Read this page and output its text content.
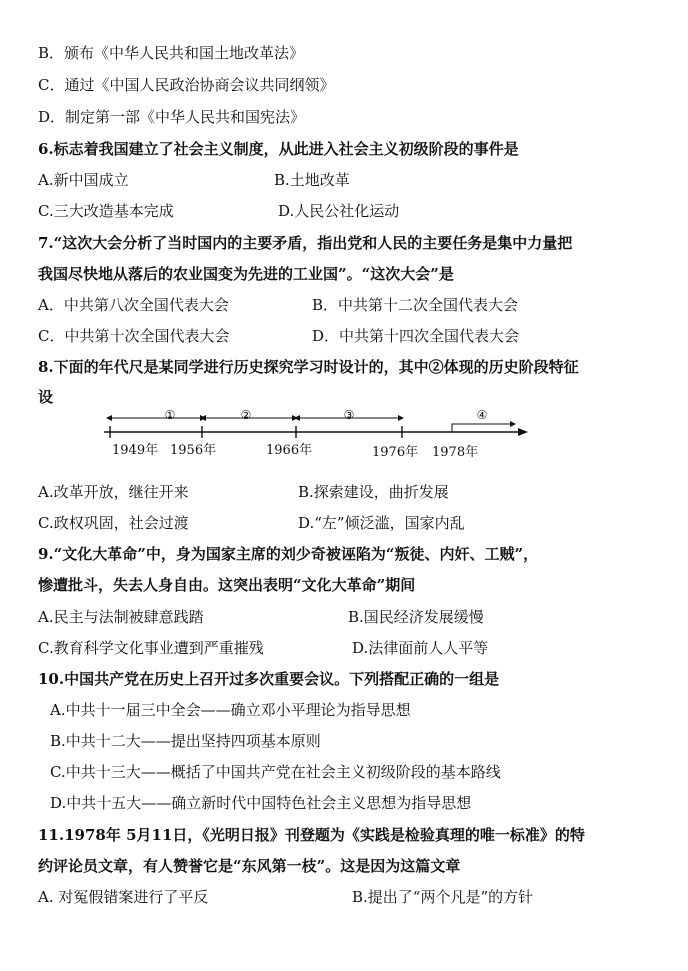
B．颁布《中华人民共和国土地改革法》
C．通过《中国人民政治协商会议共同纲领》
D．制定第一部《中华人民共和国宪法》
6.标志着我国建立了社会主义制度，从此进入社会主义初级阶段的事件是
A.新中国成立	B.土地改革
C.三大改造基本完成	D.人民公社化运动
7.“这次大会分析了当时国内的主要矛盾，指出党和人民的主要任务是集中力量把
我国尽快地从落后的农业国变为先进的工业国”。“这次大会”是
A．中共第八次全国代表大会	B．中共第十二次全国代表大会
C．中共第十次全国代表大会	D．中共第十四次全国代表大会
8.下面的年代尺是某同学进行历史探究学习时设计的，其中②体现的历史阶段特征
设
①	②	③	④
1949年 1956年	1966年	1976年 1978年
A.改革开放，继往开来	B.探索建设，曲折发展
C.政权巩固，社会过渡	D.“左”倾泛滥，国家内乱
9.“文化大革命”中，身为国家主席的刘少奇被诬陷为“叛徒、内奸、工贼”，
惨遭批斗，失去人身自由。这突出表明“文化大革命”期间
A.民主与法制被肆意践踏	B.国民经济发展缓慢
C.教育科学文化事业遭到严重摧残	D.法律面前人人平等
10.中国共产党在历史上召开过多次重要会议。下列搭配正确的一组是
A.中共十一届三中全会——确立邓小平理论为指导思想
B.中共十二大——提出坚持四项基本原则
C.中共十三大——概括了中国共产党在社会主义初级阶段的基本路线
D.中共十五大——确立新时代中国特色社会主义思想为指导思想
11.1978年 5月11日，《光明日报》刊登题为《实践是检验真理的唯一标准》的特
约评论员文章，有人赞誉它是“东风第一枝”。这是因为这篇文章
A. 对冤假错案进行了平反	B.提出了“两个凡是”的方针
